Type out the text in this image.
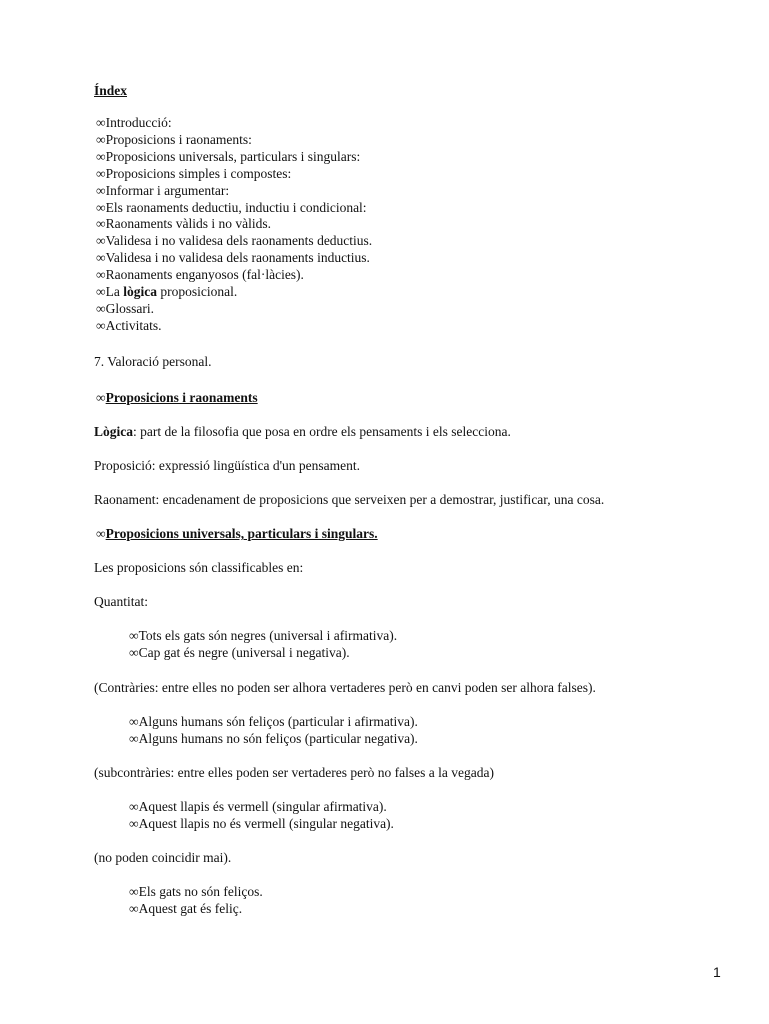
Índex
∞Introducció:
∞Proposicions i raonaments:
∞Proposicions universals, particulars i singulars:
∞Proposicions simples i compostes:
∞Informar i argumentar:
∞Els raonaments deductiu, inductiu i condicional:
∞Raonaments vàlids i no vàlids.
∞Validesa i no validesa dels raonaments deductius.
∞Validesa i no validesa dels raonaments inductius.
∞Raonaments enganyosos (fal·làcies).
∞La lògica proposicional.
∞Glossari.
∞Activitats.
7. Valoració personal.
∞Proposicions i raonaments
Lògica: part de la filosofia que posa en ordre els pensaments i els selecciona.
Proposició: expressió lingüística d'un pensament.
Raonament: encadenament de proposicions que serveixen per a demostrar, justificar, una cosa.
∞Proposicions universals, particulars i singulars.
Les proposicions són classificables en:
Quantitat:
∞Tots els gats són negres (universal i afirmativa).
∞Cap gat és negre (universal i negativa).
(Contràries: entre elles no poden ser alhora vertaderes però en canvi poden ser alhora falses).
∞Alguns humans són feliços (particular i afirmativa).
∞Alguns humans no són feliços (particular negativa).
(subcontràries: entre elles poden ser vertaderes però no falses a la vegada)
∞Aquest llapis és vermell (singular afirmativa).
∞Aquest llapis no és vermell (singular negativa).
(no poden coincidir mai).
∞Els gats no són feliços.
∞Aquest gat és feliç.
1
